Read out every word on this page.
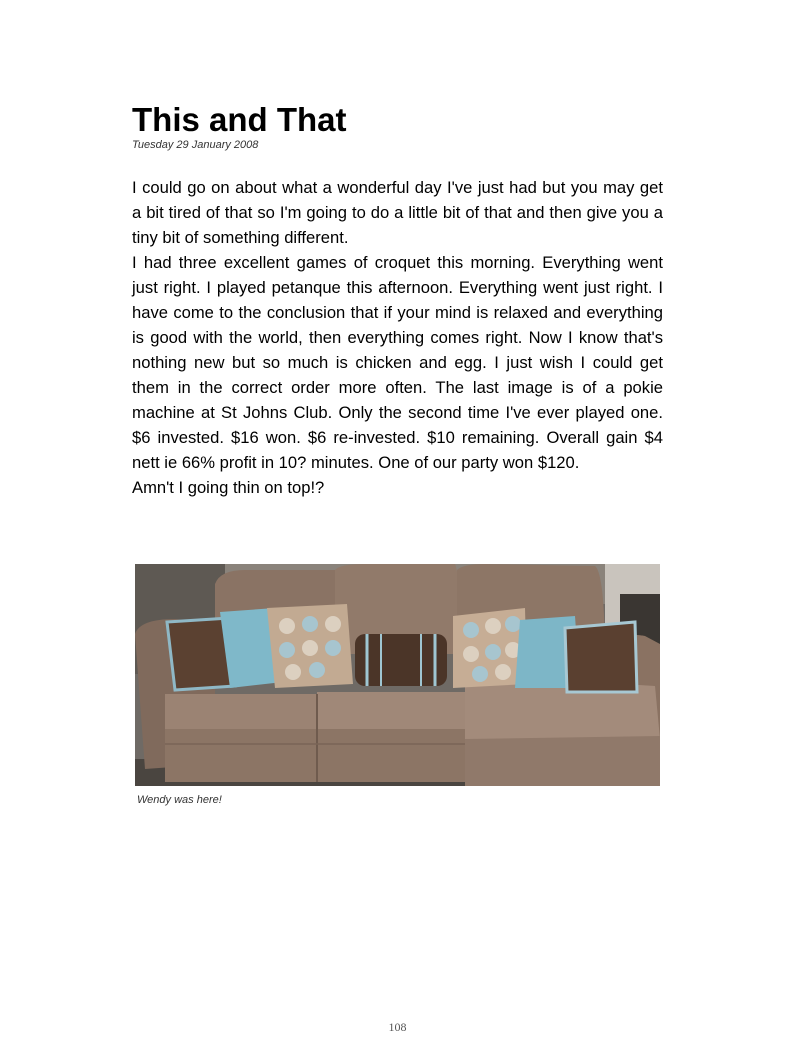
This and That
Tuesday 29 January 2008

I could go on about what a wonderful day I've just had but you may get a bit tired of that so I'm going to do a little bit of that and then give you a tiny bit of something different.

I had three excellent games of croquet this morning. Everything went just right. I played petanque this afternoon. Everything went just right. I have come to the conclusion that if your mind is relaxed and everything is good with the world, then everything comes right. Now I know that's nothing new but so much is chicken and egg. I just wish I could get them in the correct order more often. The last image is of a pokie machine at St Johns Club. Only the second time I've ever played one. $6 invested. $16 won. $6 re-invested. $10 remaining. Overall gain $4 nett ie 66% profit in 10? minutes. One of our party won $120.

Amn't I going thin on top!?

Wendy was here!
108
